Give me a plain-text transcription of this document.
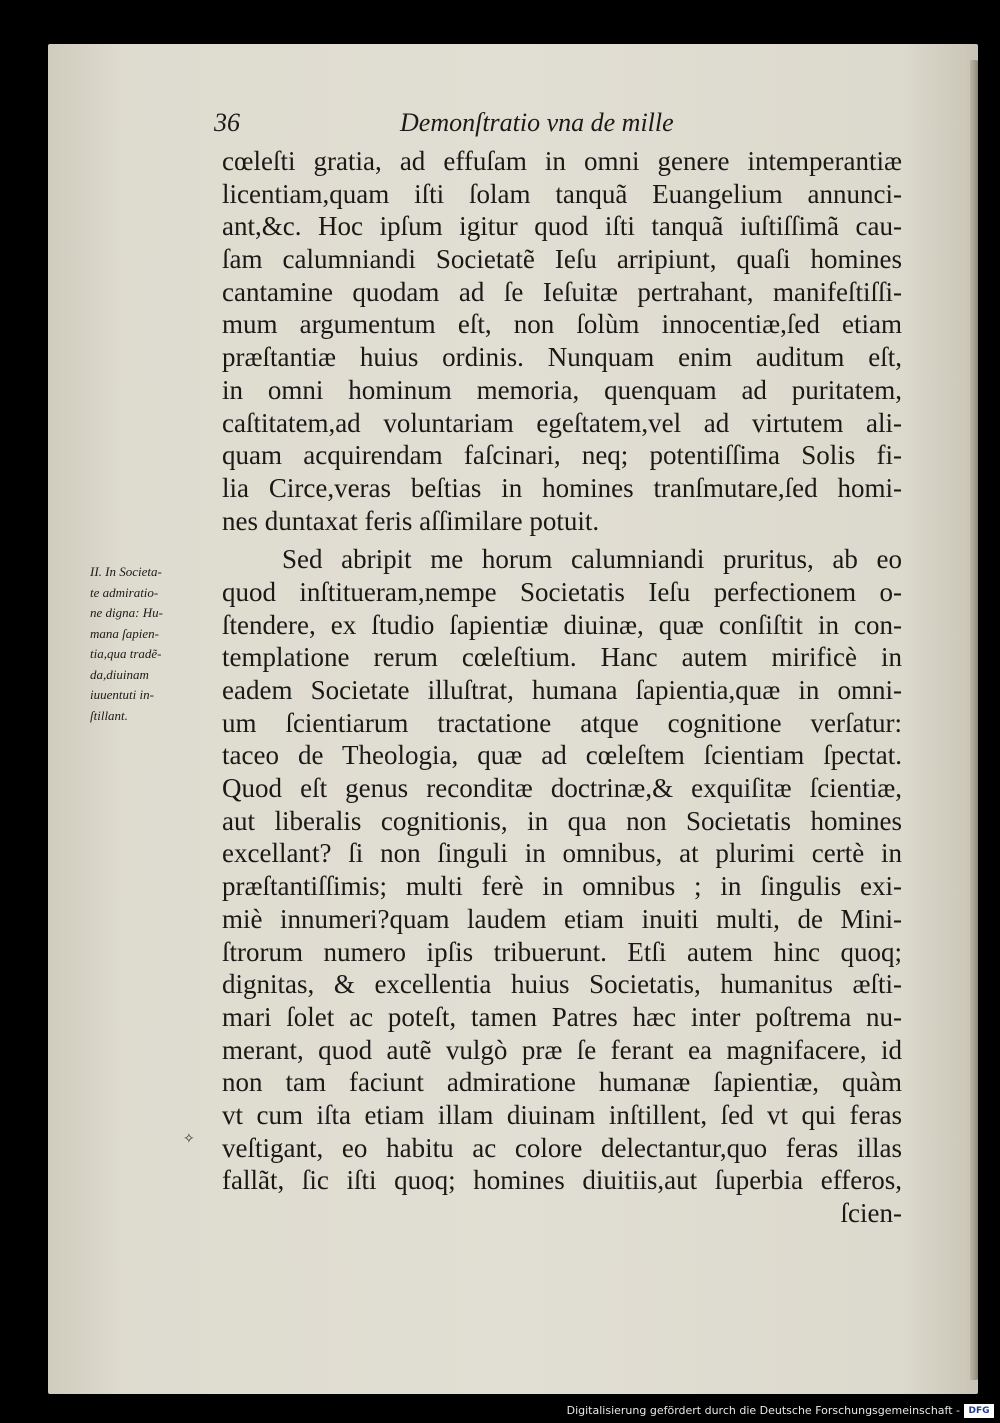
36	Demonſtratio vna de mille
cœleſti gratia, ad effuſam in omni genere intemperantiæ
licentiam,quam iſti ſolam tanquã Euangelium annunci-
ant,&c. Hoc ipſum igitur quod iſti tanquã iuſtiſſimã cau-
ſam calumniandi Societatẽ Ieſu arripiunt, quaſi homines
cantamine quodam ad ſe Ieſuitæ pertrahant, manifeſtiſſi-
mum argumentum eſt, non ſolùm innocentiæ,ſed etiam
præſtantiæ huius ordinis. Nunquam enim auditum eſt,
in omni hominum memoria, quenquam ad puritatem,
caſtitatem,ad voluntariam egeſtatem,vel ad virtutem ali-
quam acquirendam faſcinari, neq; potentiſſima Solis fi-
lia Circe,veras beſtias in homines tranſmutare,ſed homi-
nes duntaxat feris aſſimilare potuit.
Sed abripit me horum calumniandi pruritus, ab eo
quod inſtitueram,nempe Societatis Ieſu perfectionem o-
ſtendere, ex ſtudio ſapientiæ diuinæ, quæ conſiſtit in con-
templatione rerum cœleſtium. Hanc autem mirificè in
eadem Societate illuſtrat, humana ſapientia,quæ in omni-
um ſcientiarum tractatione atque cognitione verſatur:
taceo de Theologia, quæ ad cœleſtem ſcientiam ſpectat.
Quod eſt genus reconditæ doctrinæ,& exquiſitæ ſcientiæ,
aut liberalis cognitionis, in qua non Societatis homines
excellant? ſi non ſinguli in omnibus, at plurimi certè in
præſtantiſſimis; multi ferè in omnibus ; in ſingulis exi-
miè innumeri?quam laudem etiam inuiti multi, de Mini-
ſtrorum numero ipſis tribuerunt. Etſi autem hinc quoq;
dignitas, & excellentia huius Societatis, humanitus æſti-
mari ſolet ac poteſt, tamen Patres hæc inter poſtrema nu-
merant, quod autẽ vulgò præ ſe ferant ea magnifacere, id
non tam faciunt admiratione humanæ ſapientiæ, quàm
vt cum iſta etiam illam diuinam inſtillent, ſed vt qui feras
veſtigant, eo habitu ac colore delectantur,quo feras illas
fallãt, ſic iſti quoq; homines diuitiis,aut ſuperbia efferos,
ſcien-
II. In Societa-
te admiratio-
ne digna: Hu-
mana ſapien-
tia,qua tradẽ-
da,diuinam
iuuentuti in-
ſtillant.
✧
Digitalisierung gefördert durch die Deutsche Forschungsgemeinschaft - DFG
